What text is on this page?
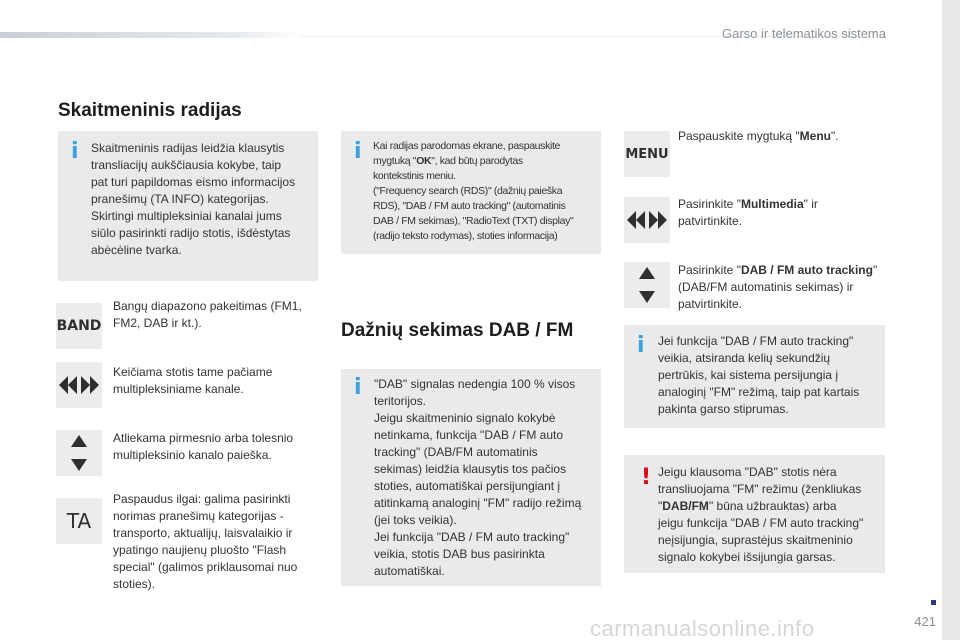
Garso ir telematikos sistema
Skaitmeninis radijas
i Skaitmeninis radijas leidžia klausytis
transliacijų aukščiausia kokybe, taip
pat turi papildomas eismo informacijos
pranešimų (TA INFO) kategorijas.
Skirtingi multipleksiniai kanalai jums
siūlo pasirinkti radijo stotis, išdėstytas
abėcėline tvarka.
i Kai radijas parodomas ekrane, paspauskite
mygtuką "OK", kad būtų parodytas
kontekstinis meniu.
("Frequency search (RDS)" (dažnių paieška
RDS), "DAB / FM auto tracking" (automatinis
DAB / FM sekimas), "RadioText (TXT) display"
(radijo teksto rodymas), stoties informacija)
BAND
Bangų diapazono pakeitimas (FM1,
FM2, DAB ir kt.).
Keičiama stotis tame pačiame
multipleksiniame kanale.
Atliekama pirmesnio arba tolesnio
multipleksinio kanalo paieška.
TA
Paspaudus ilgai: galima pasirinkti
norimas pranešimų kategorijas -
transporto, aktualijų, laisvalaikio ir
ypatingo naujienų pluošto "Flash
special" (galimos priklausomai nuo
stoties).
Dažnių sekimas DAB / FM
i "DAB" signalas nedengia 100 % visos
teritorijos.
Jeigu skaitmeninio signalo kokybė
netinkama, funkcija "DAB / FM auto
tracking" (DAB/FM automatinis
sekimas) leidžia klausytis tos pačios
stoties, automatiškai persijungiant į
atitinkamą analoginį "FM" radijo režimą
(jei toks veikia).
Jei funkcija "DAB / FM auto tracking"
veikia, stotis DAB bus pasirinkta
automatiškai.
MENU
Paspauskite mygtuką "Menu".
Pasirinkite "Multimedia" ir
patvirtinkite.
Pasirinkite "DAB / FM auto tracking"
(DAB/FM automatinis sekimas) ir
patvirtinkite.
i Jei funkcija "DAB / FM auto tracking"
veikia, atsiranda kelių sekundžių
pertrūkis, kai sistema persijungia į
analoginį "FM" režimą, taip pat kartais
pakinta garso stiprumas.
! Jeigu klausoma "DAB" stotis nėra
transliuojama "FM" režimu (ženkliukas
"DAB/FM" būna užbrauktas) arba
jeigu funkcija "DAB / FM auto tracking"
neįsijungia, suprastėjus skaitmeninio
signalo kokybei išsijungia garsas.
carmanualsonline.info	421
